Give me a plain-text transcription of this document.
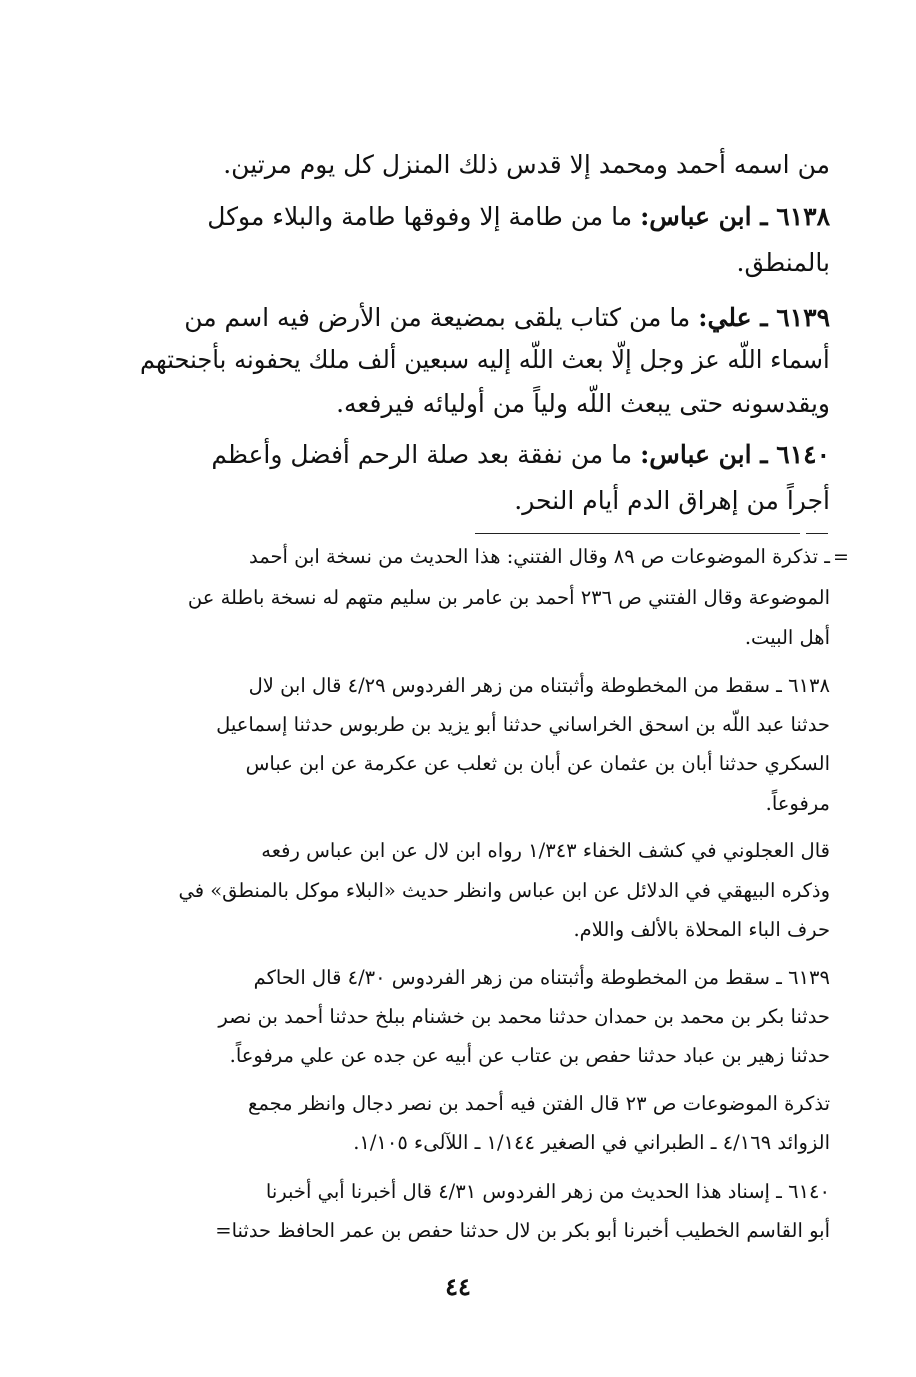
من اسمه أحمد ومحمد إلا قدس ذلك المنزل كل يوم مرتين.
٦١٣٨ ـ ابن عباس: ما من طامة إلا وفوقها طامة والبلاء موكل
بالمنطق.
٦١٣٩ ـ علي: ما من كتاب يلقى بمضيعة من الأرض فيه اسم من
أسماء اللّه عز وجل إلّا بعث اللّه إليه سبعين ألف ملك يحفونه بأجنحتهم
ويقدسونه حتى يبعث اللّه ولياً من أوليائه فيرفعه.
٦١٤٠ ـ ابن عباس: ما من نفقة بعد صلة الرحم أفضل وأعظم
أجراً من إهراق الدم أيام النحر.
=
ـ تذكرة الموضوعات ص ٨٩ وقال الفتني: هذا الحديث من نسخة ابن أحمد
الموضوعة وقال الفتني ص ٢٣٦ أحمد بن عامر بن سليم متهم له نسخة باطلة عن
أهل البيت.
٦١٣٨ ـ سقط من المخطوطة وأثبتناه من زهر الفردوس ٤/٢٩ قال ابن لال
حدثنا عبد اللّه بن اسحق الخراساني حدثنا أبو يزيد بن طربوس حدثنا إسماعيل
السكري حدثنا أبان بن عثمان عن أبان بن ثعلب عن عكرمة عن ابن عباس
مرفوعاً.
قال العجلوني في كشف الخفاء ١/٣٤٣ رواه ابن لال عن ابن عباس رفعه
وذكره البيهقي في الدلائل عن ابن عباس وانظر حديث «البلاء موكل بالمنطق» في
حرف الباء المحلاة بالألف واللام.
٦١٣٩ ـ سقط من المخطوطة وأثبتناه من زهر الفردوس ٤/٣٠ قال الحاكم
حدثنا بكر بن محمد بن حمدان حدثنا محمد بن خشنام ببلخ حدثنا أحمد بن نصر
حدثنا زهير بن عباد حدثنا حفص بن عتاب عن أبيه عن جده عن علي مرفوعاً.
تذكرة الموضوعات ص ٢٣ قال الفتن فيه أحمد بن نصر دجال وانظر مجمع
الزوائد ٤/١٦٩ ـ الطبراني في الصغير ١/١٤٤ ـ اللآلىء ١/١٠٥.
٦١٤٠ ـ إسناد هذا الحديث من زهر الفردوس ٤/٣١ قال أخبرنا أبي أخبرنا
أبو القاسم الخطيب أخبرنا أبو بكر بن لال حدثنا حفص بن عمر الحافظ حدثنا=
٤٤
